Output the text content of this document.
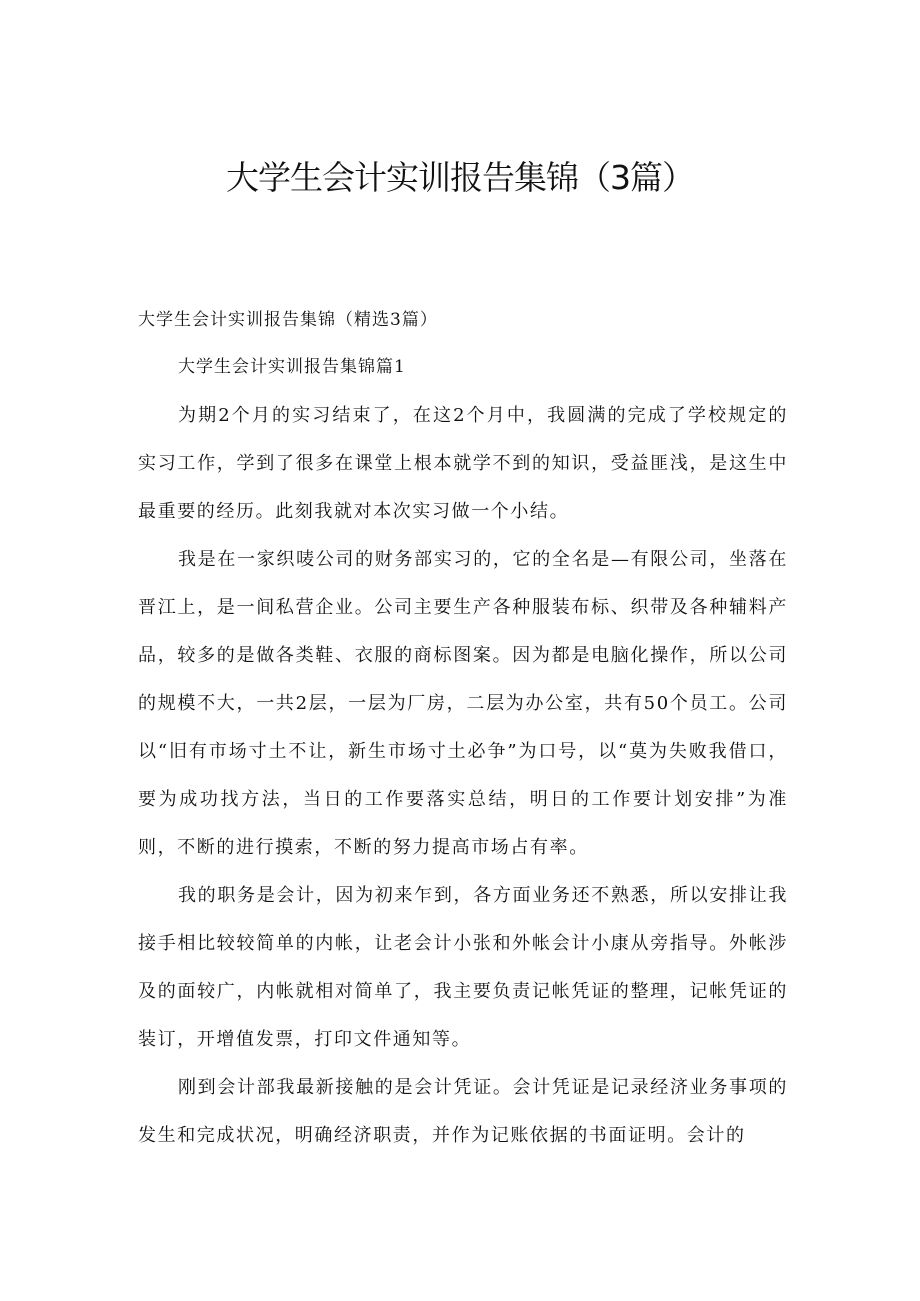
大学生会计实训报告集锦（3篇）
大学生会计实训报告集锦（精选3篇）
大学生会计实训报告集锦篇1

为期2个月的实习结束了，在这2个月中，我圆满的完成了学校规定的实习工作，学到了很多在课堂上根本就学不到的知识，受益匪浅，是这生中最重要的经历。此刻我就对本次实习做一个小结。

我是在一家织唛公司的财务部实习的，它的全名是—有限公司，坐落在晋江上，是一间私营企业。公司主要生产各种服装布标、织带及各种辅料产品，较多的是做各类鞋、衣服的商标图案。因为都是电脑化操作，所以公司的规模不大，一共2层，一层为厂房，二层为办公室，共有50个员工。公司以“旧有市场寸土不让，新生市场寸土必争”为口号，以“莫为失败我借口，要为成功找方法，当日的工作要落实总结，明日的工作要计划安排”为准则，不断的进行摸索，不断的努力提高市场占有率。

我的职务是会计，因为初来乍到，各方面业务还不熟悉，所以安排让我接手相比较较简单的内帐，让老会计小张和外帐会计小康从旁指导。外帐涉及的面较广，内帐就相对简单了，我主要负责记帐凭证的整理，记帐凭证的装订，开增值发票，打印文件通知等。

刚到会计部我最新接触的是会计凭证。会计凭证是记录经济业务事项的发生和完成状况，明确经济职责，并作为记账依据的书面证明。会计的
